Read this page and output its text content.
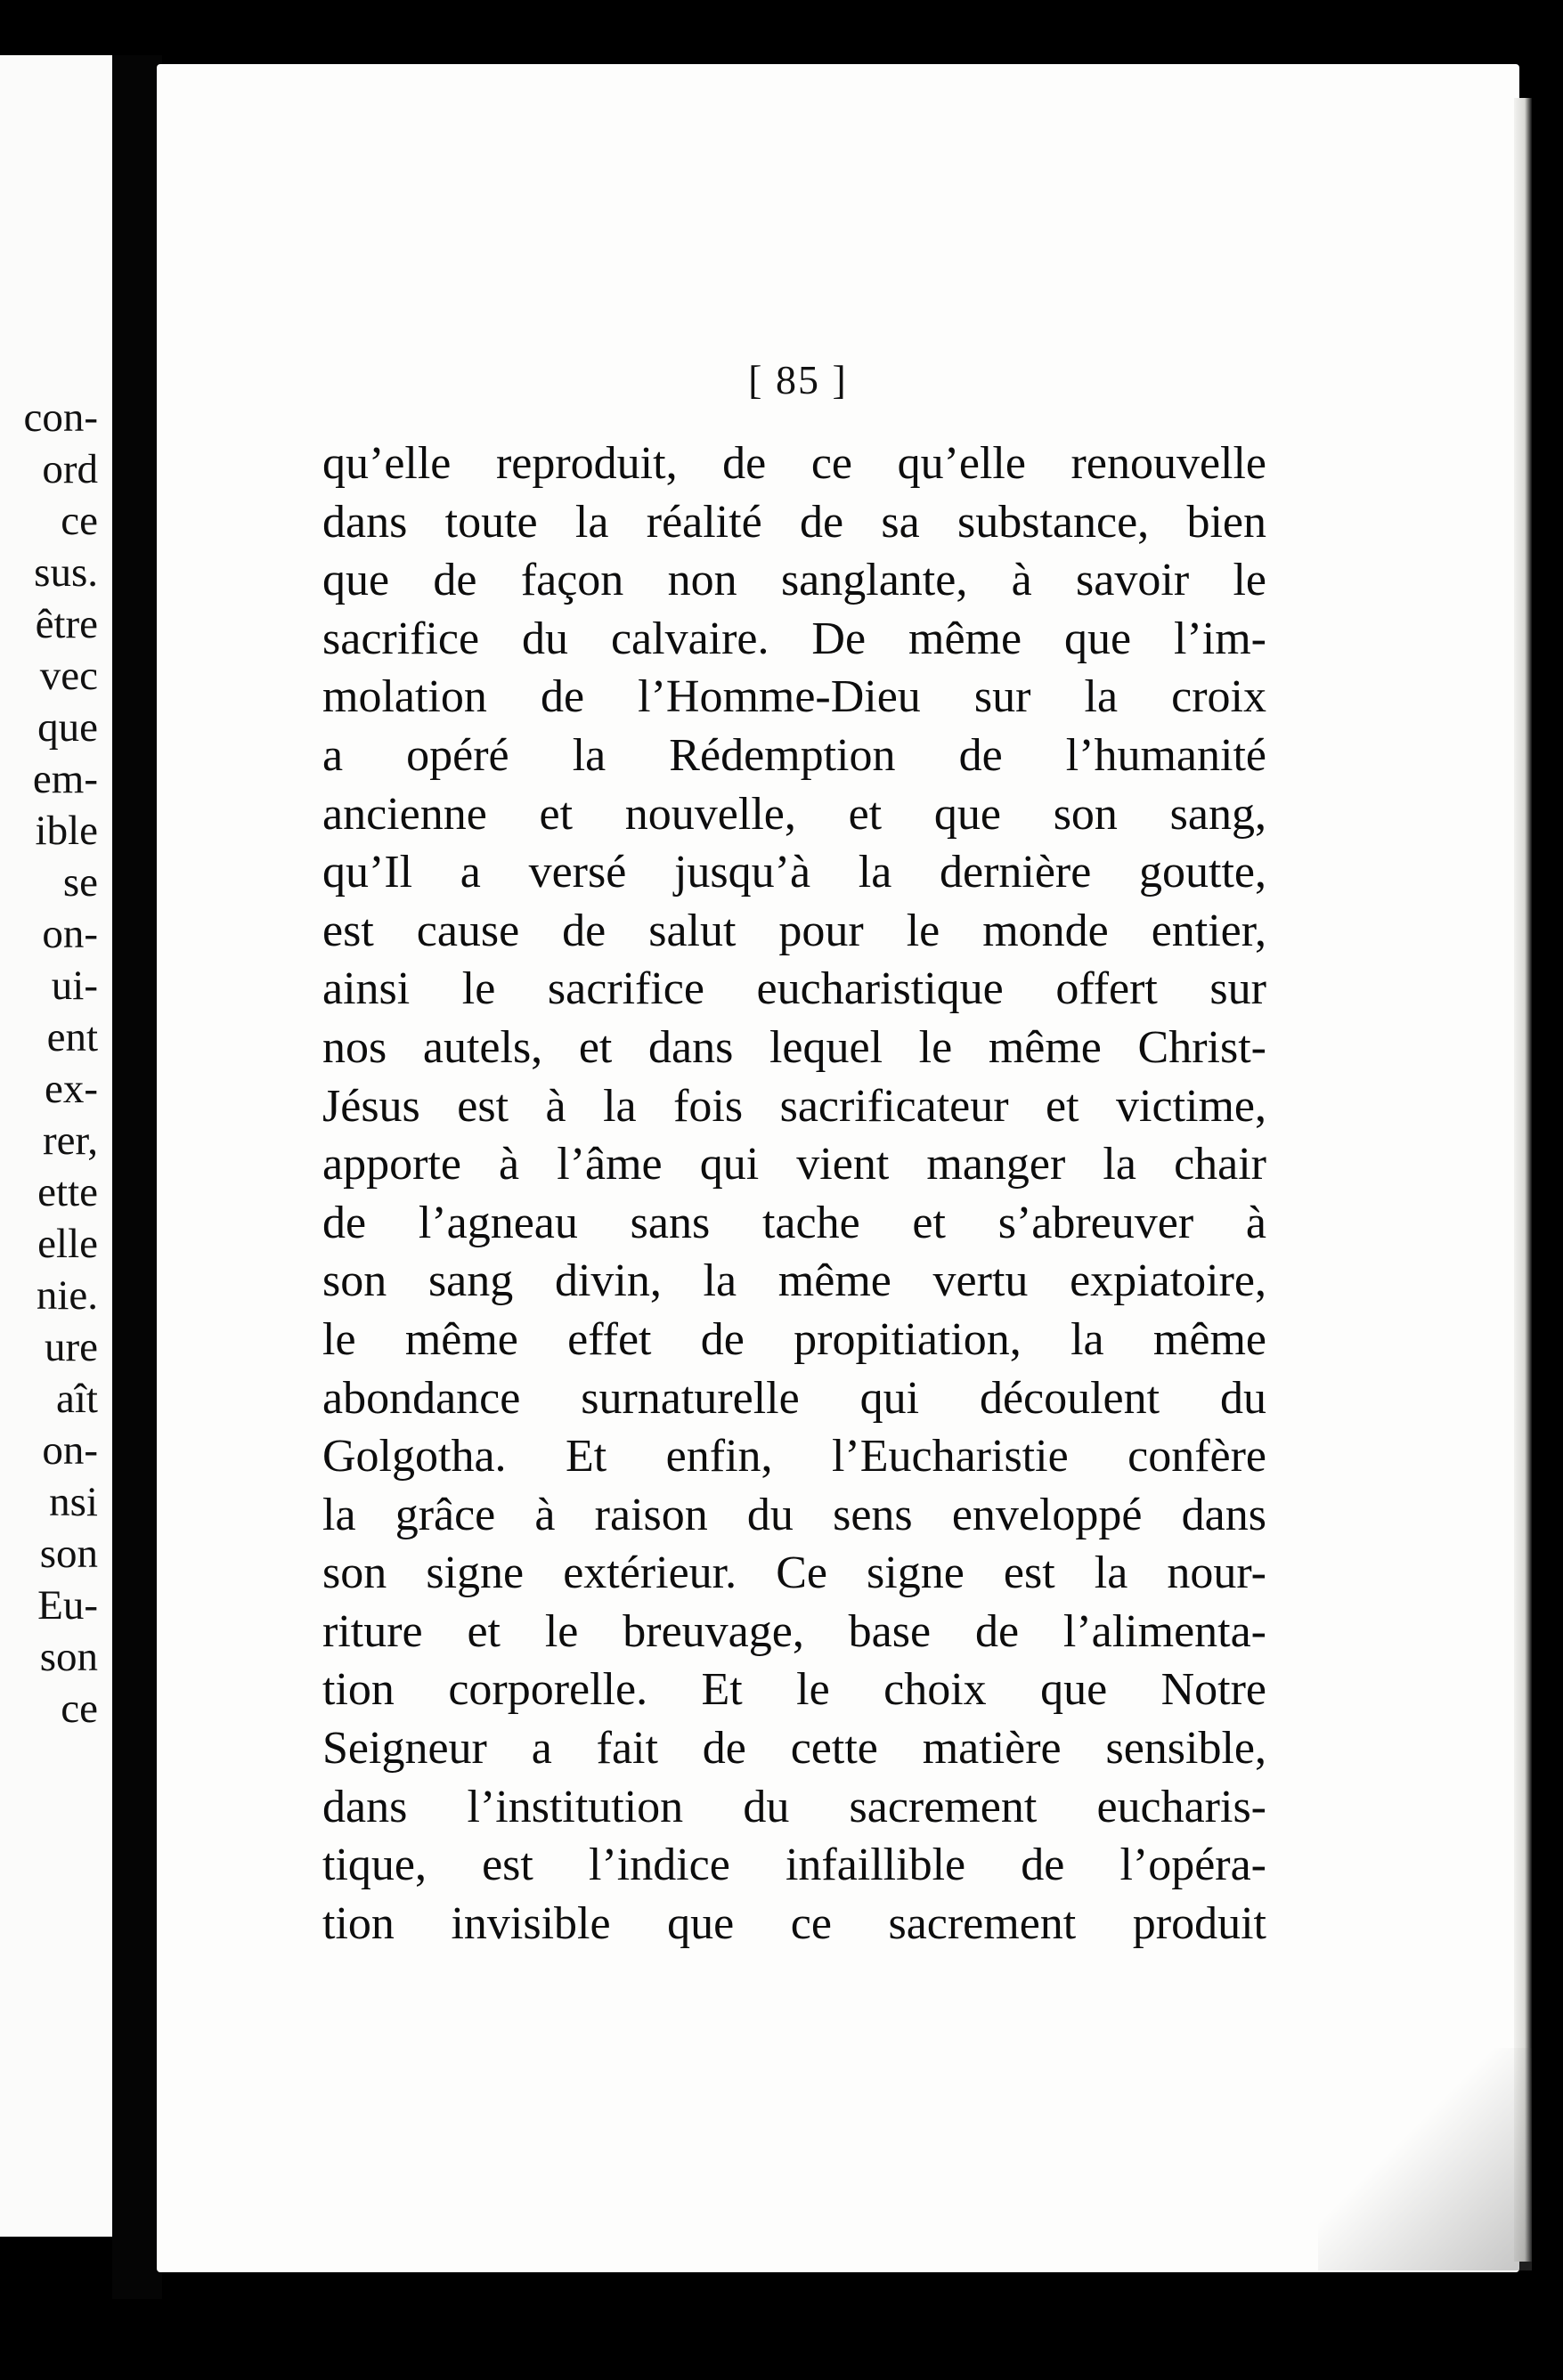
con-
ord
ce
sus.
être
vec
que
em-
ible
se
on-
ui-
ent
ex-
rer,
ette
elle
nie.
ure
aît
on-
nsi
son
Eu-
son
ce
[ 85 ]
qu’elle reproduit, de ce qu’elle renouvelle
dans toute la réalité de sa substance, bien
que de façon non sanglante, à savoir le
sacrifice du calvaire. De même que l’im-
molation de l’Homme-Dieu sur la croix
a opéré la Rédemption de l’humanité
ancienne et nouvelle, et que son sang,
qu’Il a versé jusqu’à la dernière goutte,
est cause de salut pour le monde entier,
ainsi le sacrifice eucharistique offert sur
nos autels, et dans lequel le même Christ-
Jésus est à la fois sacrificateur et victime,
apporte à l’âme qui vient manger la chair
de l’agneau sans tache et s’abreuver à
son sang divin, la même vertu expiatoire,
le même effet de propitiation, la même
abondance surnaturelle qui découlent du
Golgotha. Et enfin, l’Eucharistie confère
la grâce à raison du sens enveloppé dans
son signe extérieur. Ce signe est la nour-
riture et le breuvage, base de l’alimenta-
tion corporelle. Et le choix que Notre
Seigneur a fait de cette matière sensible,
dans l’institution du sacrement eucharis-
tique, est l’indice infaillible de l’opéra-
tion invisible que ce sacrement produit
